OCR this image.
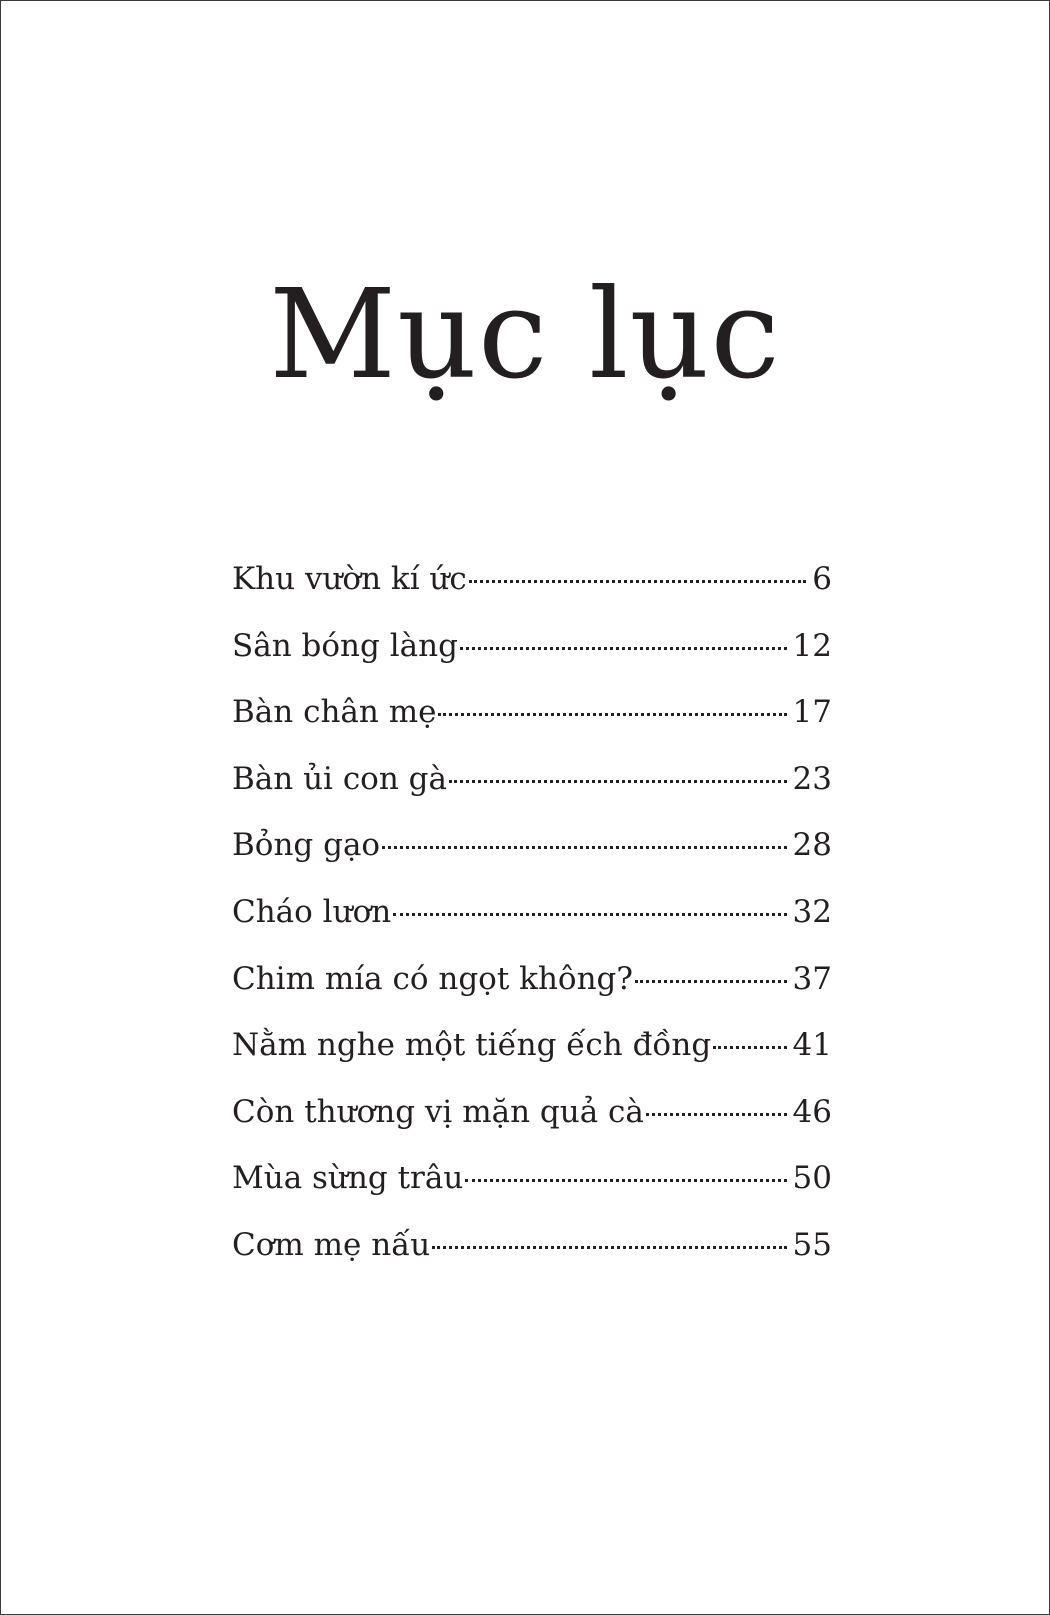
Mục lục
Khu vườn kí ức	6
Sân bóng làng	12
Bàn chân mẹ	17
Bàn ủi con gà	23
Bỏng gạo	28
Cháo lươn	32
Chim mía có ngọt không?	37
Nằm nghe một tiếng ếch đồng	41
Còn thương vị mặn quả cà	46
Mùa sừng trâu	50
Cơm mẹ nấu	55
